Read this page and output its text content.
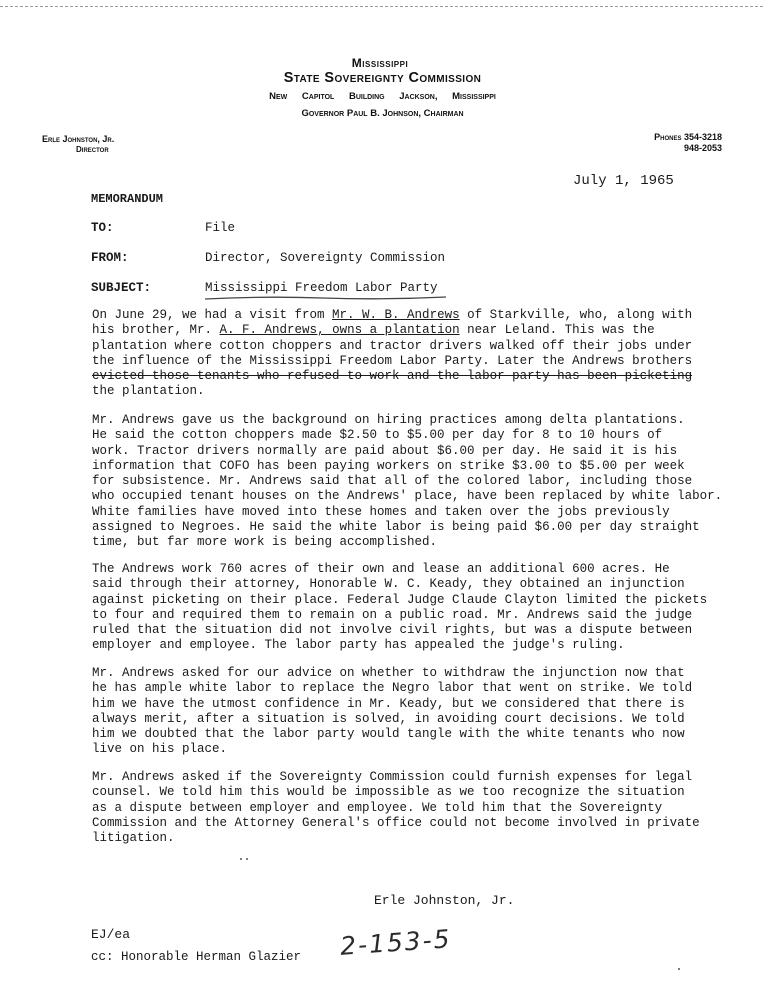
Mississippi
State Sovereignty Commission
New Capitol Building Jackson, Mississippi
Governor Paul B. Johnson, Chairman
Erle Johnston, Jr.
Director
Phones 354-3218
948-2053
July 1, 1965
MEMORANDUM
TO:	File
FROM:	Director, Sovereignty Commission
SUBJECT:	Mississippi Freedom Labor Party
On June 29, we had a visit from Mr. W. B. Andrews of Starkville, who, along with
his brother, Mr. A. F. Andrews, owns a plantation near Leland. This was the
plantation where cotton choppers and tractor drivers walked off their jobs under
the influence of the Mississippi Freedom Labor Party. Later the Andrews brothers
evicted those tenants who refused to work and the labor party has been picketing
the plantation.
Mr. Andrews gave us the background on hiring practices among delta plantations.
He said the cotton choppers made $2.50 to $5.00 per day for 8 to 10 hours of
work. Tractor drivers normally are paid about $6.00 per day. He said it is his
information that COFO has been paying workers on strike $3.00 to $5.00 per week
for subsistence. Mr. Andrews said that all of the colored labor, including those
who occupied tenant houses on the Andrews' place, have been replaced by white labor.
White families have moved into these homes and taken over the jobs previously
assigned to Negroes. He said the white labor is being paid $6.00 per day straight
time, but far more work is being accomplished.
The Andrews work 760 acres of their own and lease an additional 600 acres. He
said through their attorney, Honorable W. C. Keady, they obtained an injunction
against picketing on their place. Federal Judge Claude Clayton limited the pickets
to four and required them to remain on a public road. Mr. Andrews said the judge
ruled that the situation did not involve civil rights, but was a dispute between
employer and employee. The labor party has appealed the judge's ruling.
Mr. Andrews asked for our advice on whether to withdraw the injunction now that
he has ample white labor to replace the Negro labor that went on strike. We told
him we have the utmost confidence in Mr. Keady, but we considered that there is
always merit, after a situation is solved, in avoiding court decisions. We told
him we doubted that the labor party would tangle with the white tenants who now
live on his place.
Mr. Andrews asked if the Sovereignty Commission could furnish expenses for legal
counsel. We told him this would be impossible as we too recognize the situation
as a dispute between employer and employee. We told him that the Sovereignty
Commission and the Attorney General's office could not become involved in private
litigation.
Erle Johnston, Jr.
EJ/ea
cc: Honorable Herman Glazier 2-153-5
